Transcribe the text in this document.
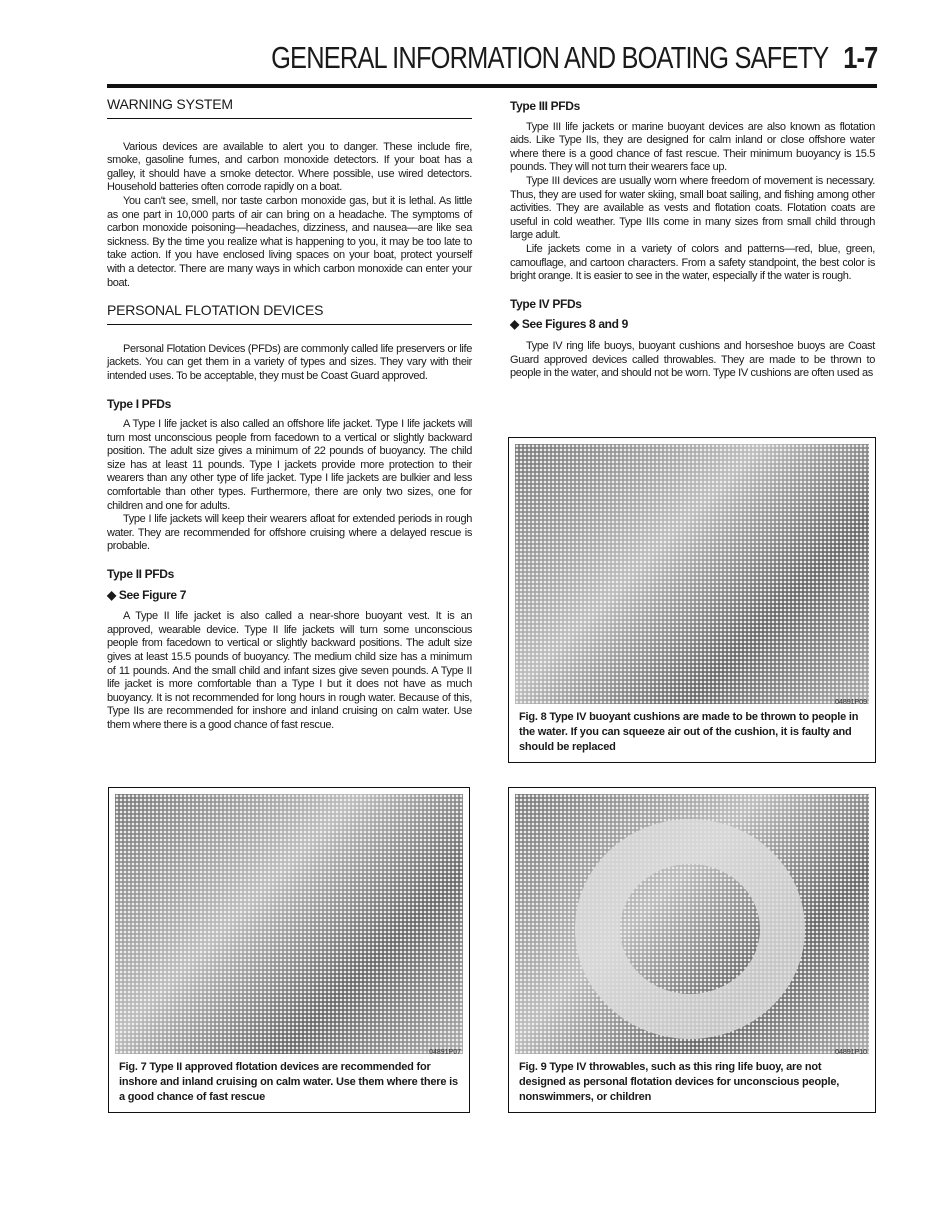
GENERAL INFORMATION AND BOATING SAFETY 1-7
WARNING SYSTEM

Various devices are available to alert you to danger. These include fire, smoke, gasoline fumes, and carbon monoxide detectors. If your boat has a galley, it should have a smoke detector. Where possible, use wired detectors. Household batteries often corrode rapidly on a boat.

You can't see, smell, nor taste carbon monoxide gas, but it is lethal. As little as one part in 10,000 parts of air can bring on a headache. The symptoms of carbon monoxide poisoning—headaches, dizziness, and nausea—are like sea sickness. By the time you realize what is happening to you, it may be too late to take action. If you have enclosed living spaces on your boat, protect yourself with a detector. There are many ways in which carbon monoxide can enter your boat.

PERSONAL FLOTATION DEVICES

Personal Flotation Devices (PFDs) are commonly called life preservers or life jackets. You can get them in a variety of types and sizes. They vary with their intended uses. To be acceptable, they must be Coast Guard approved.

Type I PFDs

A Type I life jacket is also called an offshore life jacket. Type I life jackets will turn most unconscious people from facedown to a vertical or slightly backward position. The adult size gives a minimum of 22 pounds of buoyancy. The child size has at least 11 pounds. Type I jackets provide more protection to their wearers than any other type of life jacket. Type I life jackets are bulkier and less comfortable than other types. Furthermore, there are only two sizes, one for children and one for adults.

Type I life jackets will keep their wearers afloat for extended periods in rough water. They are recommended for offshore cruising where a delayed rescue is probable.

Type II PFDs
◆ See Figure 7

A Type II life jacket is also called a near-shore buoyant vest. It is an approved, wearable device. Type II life jackets will turn some unconscious people from facedown to vertical or slightly backward positions. The adult size gives at least 15.5 pounds of buoyancy. The medium child size has a minimum of 11 pounds. And the small child and infant sizes give seven pounds. A Type II life jacket is more comfortable than a Type I but it does not have as much buoyancy. It is not recommended for long hours in rough water. Because of this, Type IIs are recommended for inshore and inland cruising on calm water. Use them where there is a good chance of fast rescue.

Type III PFDs

Type III life jackets or marine buoyant devices are also known as flotation aids. Like Type IIs, they are designed for calm inland or close offshore water where there is a good chance of fast rescue. Their minimum buoyancy is 15.5 pounds. They will not turn their wearers face up.

Type III devices are usually worn where freedom of movement is necessary. Thus, they are used for water skiing, small boat sailing, and fishing among other activities. They are available as vests and flotation coats. Flotation coats are useful in cold weather. Type IIIs come in many sizes from small child through large adult.

Life jackets come in a variety of colors and patterns—red, blue, green, camouflage, and cartoon characters. From a safety standpoint, the best color is bright orange. It is easier to see in the water, especially if the water is rough.

Type IV PFDs
◆ See Figures 8 and 9

Type IV ring life buoys, buoyant cushions and horseshoe buoys are Coast Guard approved devices called throwables. They are made to be thrown to people in the water, and should not be worn. Type IV cushions are often used as

04891P09
Fig. 8 Type IV buoyant cushions are made to be thrown to people in the water. If you can squeeze air out of the cushion, it is faulty and should be replaced
04891P07
Fig. 7 Type II approved flotation devices are recommended for inshore and inland cruising on calm water. Use them where there is a good chance of fast rescue
04891P10
Fig. 9 Type IV throwables, such as this ring life buoy, are not designed as personal flotation devices for unconscious people, nonswimmers, or children
